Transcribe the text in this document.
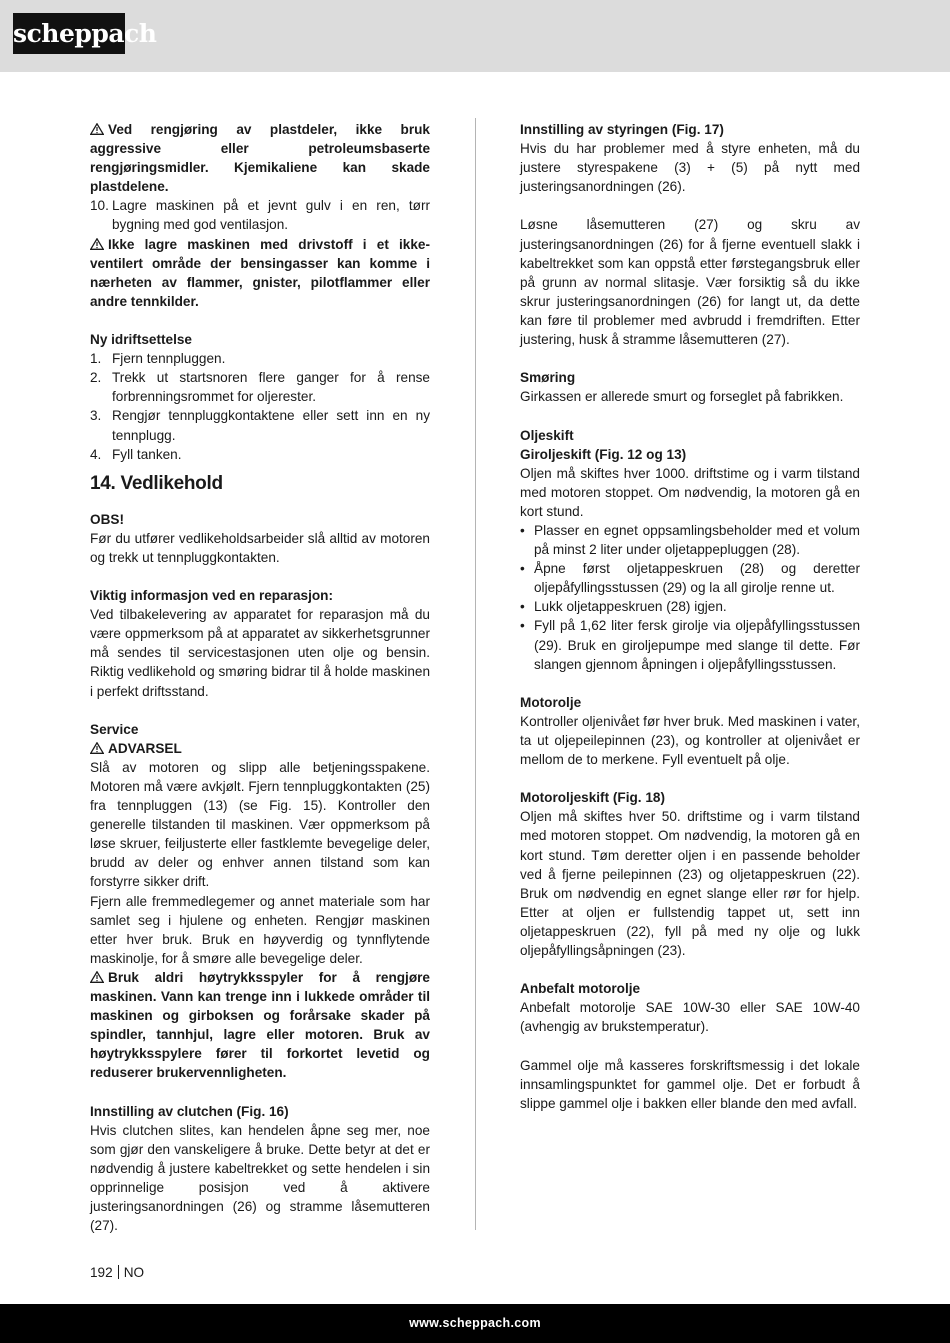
scheppach

Ved rengjøring av plastdeler, ikke bruk aggressive eller petroleumsbaserte rengjøringsmidler. Kjemikaliene kan skade plastdelene.

10. Lagre maskinen på et jevnt gulv i en ren, tørr bygning med god ventilasjon.

Ikke lagre maskinen med drivstoff i et ikke-ventilert område der bensingasser kan komme i nærheten av flammer, gnister, pilotflammer eller andre tennkilder.

Ny idriftsettelse

1. Fjern tennpluggen.
2. Trekk ut startsnoren flere ganger for å rense forbrenningsrommet for oljerester.
3. Rengjør tennpluggkontaktene eller sett inn en ny tennplugg.
4. Fyll tanken.
14. Vedlikehold

OBS!

Før du utfører vedlikeholdsarbeider slå alltid av motoren og trekk ut tennpluggkontakten.

Viktig informasjon ved en reparasjon:

Ved tilbakelevering av apparatet for reparasjon må du være oppmerksom på at apparatet av sikkerhetsgrunner må sendes til servicestasjonen uten olje og bensin. Riktig vedlikehold og smøring bidrar til å holde maskinen i perfekt driftsstand.

Service

ADVARSEL

Slå av motoren og slipp alle betjeningsspakene. Motoren må være avkjølt. Fjern tennpluggkontakten (25) fra tennpluggen (13) (se Fig. 15). Kontroller den generelle tilstanden til maskinen. Vær oppmerksom på løse skruer, feiljusterte eller fastklemte bevegelige deler, brudd av deler og enhver annen tilstand som kan forstyrre sikker drift.

Fjern alle fremmedlegemer og annet materiale som har samlet seg i hjulene og enheten. Rengjør maskinen etter hver bruk. Bruk en høyverdig og tynnflytende maskinolje, for å smøre alle bevegelige deler.

Bruk aldri høytrykksspyler for å rengjøre maskinen. Vann kan trenge inn i lukkede områder til maskinen og girboksen og forårsake skader på spindler, tannhjul, lagre eller motoren. Bruk av høytrykksspylere fører til forkortet levetid og reduserer brukervennligheten.

Innstilling av clutchen (Fig. 16)

Hvis clutchen slites, kan hendelen åpne seg mer, noe som gjør den vanskeligere å bruke. Dette betyr at det er nødvendig å justere kabeltrekket og sette hendelen i sin opprinnelige posisjon ved å aktivere justeringsanordningen (26) og stramme låsemutteren (27).

Innstilling av styringen (Fig. 17)

Hvis du har problemer med å styre enheten, må du justere styrespakene (3) + (5) på nytt med justeringsanordningen (26).

Løsne låsemutteren (27) og skru av justeringsanordningen (26) for å fjerne eventuell slakk i kabeltrekket som kan oppstå etter førstegangsbruk eller på grunn av normal slitasje. Vær forsiktig så du ikke skrur justeringsanordningen (26) for langt ut, da dette kan føre til problemer med avbrudd i fremdriften. Etter justering, husk å stramme låsemutteren (27).

Smøring

Girkassen er allerede smurt og forseglet på fabrikken.

Oljeskift

Giroljeskift (Fig. 12 og 13)

Oljen må skiftes hver 1000. driftstime og i varm tilstand med motoren stoppet. Om nødvendig, la motoren gå en kort stund.

• Plasser en egnet oppsamlingsbeholder med et volum på minst 2 liter under oljetappepluggen (28).
• Åpne først oljetappeskruen (28) og deretter oljepåfyllingsstussen (29) og la all girolje renne ut.
• Lukk oljetappeskruen (28) igjen.
• Fyll på 1,62 liter fersk girolje via oljepåfyllingsstussen (29). Bruk en giroljepumpe med slange til dette. Før slangen gjennom åpningen i oljepåfyllingsstussen.

Motorolje

Kontroller oljenivået før hver bruk. Med maskinen i vater, ta ut oljepeilepinnen (23), og kontroller at oljenivået er mellom de to merkene. Fyll eventuelt på olje.

Motoroljeskift (Fig. 18)

Oljen må skiftes hver 50. driftstime og i varm tilstand med motoren stoppet. Om nødvendig, la motoren gå en kort stund. Tøm deretter oljen i en passende beholder ved å fjerne peilepinnen (23) og oljetappeskruen (22). Bruk om nødvendig en egnet slange eller rør for hjelp. Etter at oljen er fullstendig tappet ut, sett inn oljetappeskruen (22), fyll på med ny olje og lukk oljepåfyllingsåpningen (23).

Anbefalt motorolje

Anbefalt motorolje SAE 10W-30 eller SAE 10W-40 (avhengig av brukstemperatur).

Gammel olje må kasseres forskriftsmessig i det lokale innsamlingspunktet for gammel olje. Det er forbudt å slippe gammel olje i bakken eller blande den med avfall.

192 NO
www.scheppach.com
